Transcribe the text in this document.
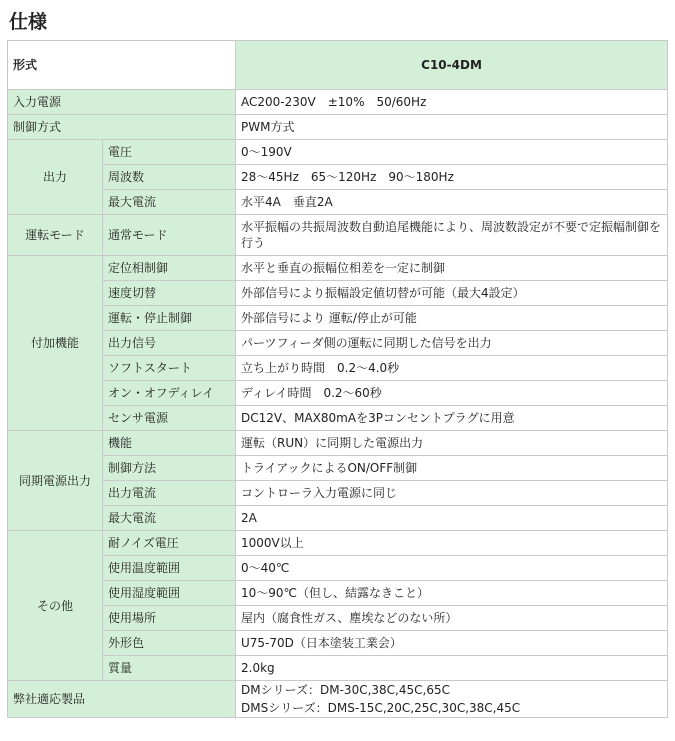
仕様
形式		C10-4DM
入力電源		AC200-230V　±10%　50/60Hz
制御方式		PWM方式
出力	電圧	0～190V
	周波数	28～45Hz　65～120Hz　90～180Hz
	最大電流	水平4A　垂直2A
運転モード	通常モード	水平振幅の共振周波数自動追尾機能により、周波数設定が不要で定振幅制御を行う
付加機能	定位相制御	水平と垂直の振幅位相差を一定に制御
	速度切替	外部信号により振幅設定値切替が可能（最大4設定）
	運転・停止制御	外部信号により 運転/停止が可能
	出力信号	パーツフィーダ側の運転に同期した信号を出力
	ソフトスタート	立ち上がり時間　0.2～4.0秒
	オン・オフディレイ	ディレイ時間　0.2～60秒
	センサ電源	DC12V、MAX80mAを3Pコンセントプラグに用意
同期電源出力	機能	運転（RUN）に同期した電源出力
	制御方法	トライアックによるON/OFF制御
	出力電流	コントローラ入力電源に同じ
	最大電流	2A
その他	耐ノイズ電圧	1000V以上
	使用温度範囲	0～40℃
	使用湿度範囲	10～90℃（但し、結露なきこと）
	使用場所	屋内（腐食性ガス、塵埃などのない所）
	外形色	U75-70D（日本塗装工業会）
	質量	2.0kg
弊社適応製品		DMシリーズ：DM-30C,38C,45C,65C
DMSシリーズ：DMS-15C,20C,25C,30C,38C,45C
